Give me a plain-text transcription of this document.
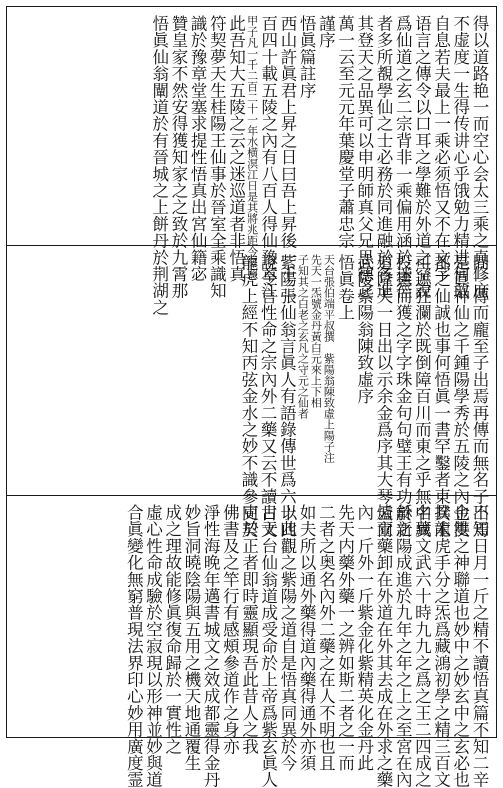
得以道路艳一而空心会太三乘之真修庶
不虚度一生得传讲心乎饿勉力精进何敢
自息若夫最上一乘必须悟又不在文字
语言之傳令以口耳之學難於外道之空說
爲仙道之玄二宗背非一乘偏用涵於迷徑
者多所覩學仙之士必務於同進融於各進
其登天之品異可以申明師真父兄思德之
萬一云至元元年葉慶堂子蕭忠宗
謹序
悟眞篇註序
西山許眞君上昇之日曰吾上昇後一千二
百四十載五陵之內有八百人得仙豫章江
甲子凡一千二百二十一年水横溟江日是其將兆距今澤照
此吾知大五陵之云之迷巡道者非悟真
符契夢天生桂陽王仙事於晉室全乘識知
識於豫章堂塞求提性悟真出宮仙籍宓
贊皇家不然安得獲知家之之致於九霄那
悟眞仙翁闡道於有晉城之上餅丹於荆湖之
間一傳而龐至子出焉再傳而無名子出焉
是眞神仙之千鍾陽學秀於五陵之內也洪
都之仙誠也事何悟眞一書罕鑿者東其术
可遮狂瀾於既倒障百川而東之乎無名異
投憲而獲之字字珠金句句璧王有功於新
道隆天一日出以示余金爲序其大琴云爾
武陵紫陽翁陳致虛序
悟眞卷上
天台張伯端平叔撰　紫陽翁陳致虛上陽子注
先天一炁號金丹黃白元來上下相
子知其之白老之玄凡之守元之仙者
紫陽張仙翁言眞人有語錄傳世爲六十四
說令言性命之宗內外二藥又云不讀古文
龍虎上經不知丙弦金水之妙不識參同契
不知日月一斤之精不讀悟真篇不知二辛
金雙之神聯道也妙中之妙玄中之玄必也
揆龍虎手分之炁爲藏鴻初學之精三百文
中藏文武六十時九九之爲之王二四成之
龢之陽成進於九年之年之上之至宮在內
爐立藥卸在外道在外其去成在外求之藥
內一斤外一斤紫金化紫精英化金丹此
先天内藥外藥一之辨如斯二者之一而
二者之奥名內外二藥之在人不明也且
如夫所以通外藥得道內藥得通外亦須
以此觀之紫陽之道自是悟真同異於今
日天台仙翁道成受命於上帝爲紫玄眞人
吏於正者即時靈顯現吾此昔人之我
佛書及之竿行有感頰參道作之身亦
淨性海晚年邁書城文之效成都靈得金丹
妙旨洞曉陰陽與五用之機天地通覆生
成之理故能修眞復命歸於一實性之
虛心性命成驗於空寂現以形神並妙與道
合眞變化無窮普現法界印心妙用廣度霊
